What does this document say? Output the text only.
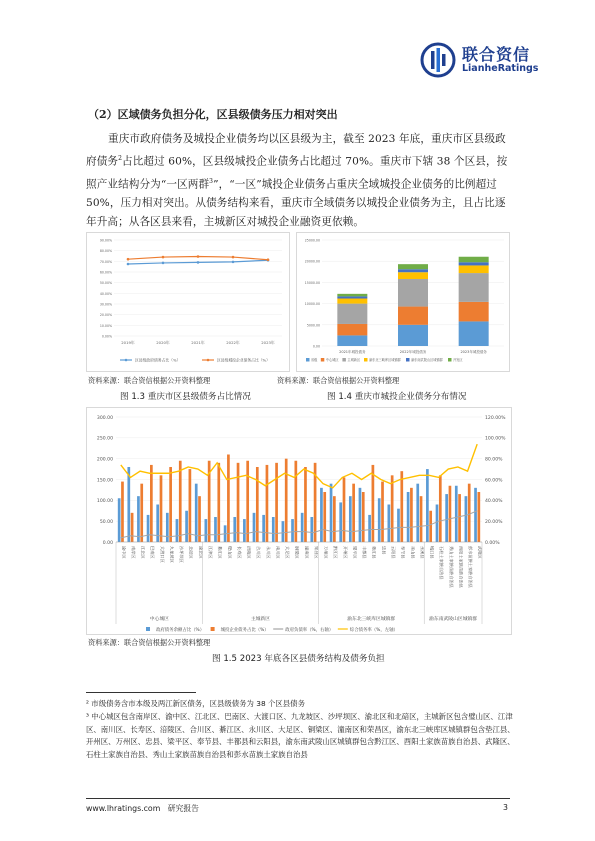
联合资信
LianheRatings
（2）区域债务负担分化，区县级债务压力相对突出
重庆市政府债务及城投企业债务均以区县级为主，截至 2023 年底，重庆市区县级政府债务$^2$占比超过 60%，区县级城投企业债务占比超过 70%。重庆市下辖 38 个区县，按照产业结构分为“一区两群$^3$”，“一区”城投企业债务占重庆全域城投企业债务的比例超过 50%，压力相对突出。从债务结构来看，重庆市全域债务以城投企业债务为主，且占比逐年升高；从各区县来看，主城新区对城投企业融资更依赖。
0.00%
10.00%
20.00%
30.00%
40.00%
50.00%
60.00%
70.00%
80.00%
90.00%
2019年	2020年	2021年	2022年	2023年
区县级政府债务占比（%）	区县级城投企业债务占比（%）
0.00
5000.00
10000.00
15000.00
20000.00
25000.00
2021年城投债务	2022年城投债务	2023年城投债务
省级	中心城区	主城新区	渝东北三峡库区城镇群	渝东南武陵山区城镇群	开发区
资料来源：联合资信根据公开资料整理	资料来源：联合资信根据公开资料整理
图 1.3 重庆市区县级债务占比情况	图 1.4 重庆市城投企业债务分布情况
0.00
50.00
100.00
150.00
200.00
250.00
300.00
0.00%
20.00%
40.00%
60.00%
80.00%
100.00%
120.00%
渝中区 南岸区 江北区 巴南区 大渡口区 九龙坡区 沙坪坝区 北碚区 渝北区 江津区 綦江区 壁山区 长寿区 涪陵区 合川区 永川区 南川区 大足区 铜梁区 潼南区 荣昌区 万州区 黔江区 开州区 梁平区 丰都县 垫江县 忠县 云阳县 奉节县 巫山县 巫溪县 城口县 石柱土家族自治县 秀山土家族苗族自治县 酉阳土家族苗族自治县 彭水苗族土家族自治县 武隆区
中心城区	主城新区	渝东北三峡库区城镇群	渝东南武陵山区城镇群
政府债务余额占比（%）	城投企业债务占比（%）	政府负债率（%，右轴）	综合债务率（%，左轴）
资料来源：联合资信根据公开资料整理
图 1.5 2023 年底各区县债务结构及债务负担
² 市级债务含市本级及两江新区债务，区县级债务为 38 个区县债务
³ 中心城区包含南岸区、渝中区、江北区、巴南区、大渡口区、九龙坡区、沙坪坝区、渝北区和北碚区，主城新区包含璧山区、江津区、南川区、长寿区、涪陵区、合川区、綦江区、永川区、大足区、铜梁区、潼南区和荣昌区，渝东北三峡库区城镇群包含垫江县、开州区、万州区、忠县、梁平区、奉节县、丰都县和云阳县，渝东南武陵山区城镇群包含黔江区、酉阳土家族苗族自治县、武隆区、石柱土家族自治县、秀山土家族苗族自治县和彭水苗族土家族自治县
www.lhratings.com 研究报告	3
